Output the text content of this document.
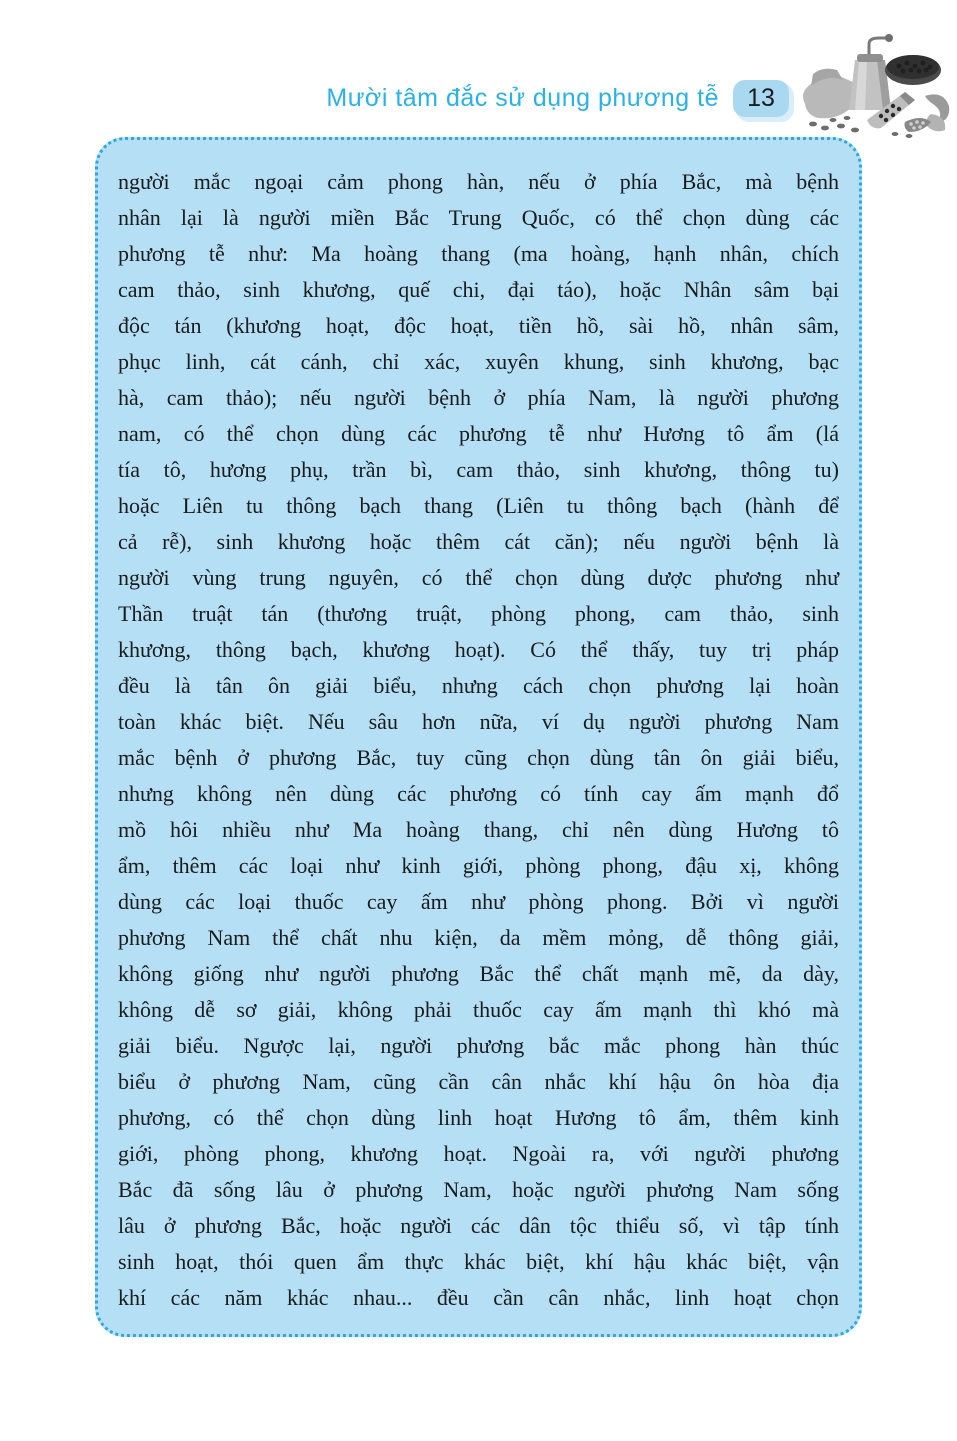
Mười tâm đắc sử dụng phương tễ	13
người mắc ngoại cảm phong hàn, nếu ở phía Bắc, mà bệnh
nhân lại là người miền Bắc Trung Quốc, có thể chọn dùng các
phương tễ như: Ma hoàng thang (ma hoàng, hạnh nhân, chích
cam thảo, sinh khương, quế chi, đại táo), hoặc Nhân sâm bại
độc tán (khương hoạt, độc hoạt, tiền hồ, sài hồ, nhân sâm,
phục linh, cát cánh, chỉ xác, xuyên khung, sinh khương, bạc
hà, cam thảo); nếu người bệnh ở phía Nam, là người phương
nam, có thể chọn dùng các phương tễ như Hương tô ẩm (lá
tía tô, hương phụ, trần bì, cam thảo, sinh khương, thông tu)
hoặc Liên tu thông bạch thang (Liên tu thông bạch (hành để
cả rễ), sinh khương hoặc thêm cát căn); nếu người bệnh là
người vùng trung nguyên, có thể chọn dùng dược phương như
Thần truật tán (thương truật, phòng phong, cam thảo, sinh
khương, thông bạch, khương hoạt). Có thể thấy, tuy trị pháp
đều là tân ôn giải biểu, nhưng cách chọn phương lại hoàn
toàn khác biệt. Nếu sâu hơn nữa, ví dụ người phương Nam
mắc bệnh ở phương Bắc, tuy cũng chọn dùng tân ôn giải biểu,
nhưng không nên dùng các phương có tính cay ấm mạnh đổ
mồ hôi nhiều như Ma hoàng thang, chỉ nên dùng Hương tô
ẩm, thêm các loại như kinh giới, phòng phong, đậu xị, không
dùng các loại thuốc cay ấm như phòng phong. Bởi vì người
phương Nam thể chất nhu kiện, da mềm mỏng, dễ thông giải,
không giống như người phương Bắc thể chất mạnh mẽ, da dày,
không dễ sơ giải, không phải thuốc cay ấm mạnh thì khó mà
giải biểu. Ngược lại, người phương bắc mắc phong hàn thúc
biểu ở phương Nam, cũng cần cân nhắc khí hậu ôn hòa địa
phương, có thể chọn dùng linh hoạt Hương tô ẩm, thêm kinh
giới, phòng phong, khương hoạt. Ngoài ra, với người phương
Bắc đã sống lâu ở phương Nam, hoặc người phương Nam sống
lâu ở phương Bắc, hoặc người các dân tộc thiểu số, vì tập tính
sinh hoạt, thói quen ẩm thực khác biệt, khí hậu khác biệt, vận
khí các năm khác nhau... đều cần cân nhắc, linh hoạt chọn
